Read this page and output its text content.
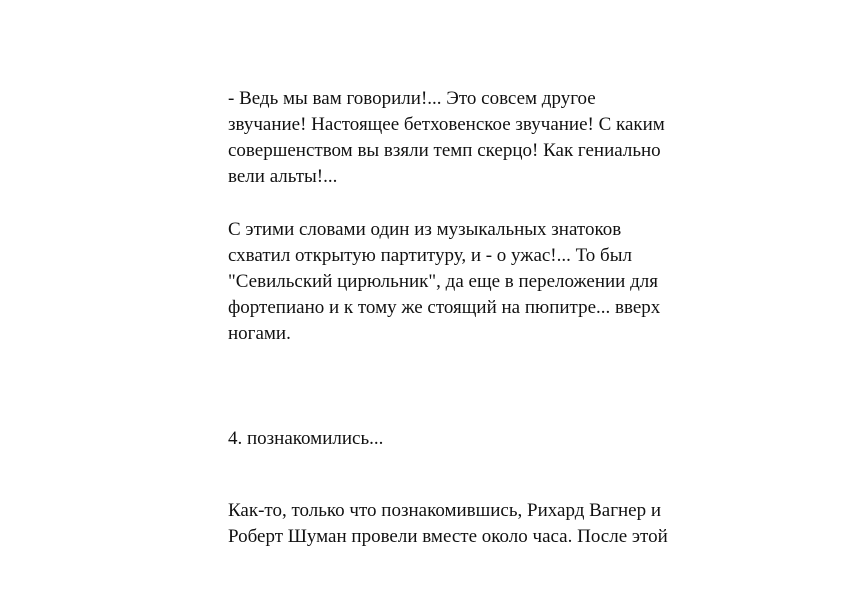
- Ведь мы вам говорили!... Это совсем другое
звучание! Настоящее бетховенское звучание! С каким
совершенством вы взяли темп скерцо! Как гениально
вели альты!...
С этими словами один из музыкальных знатоков
схватил открытую партитуру, и - о ужас!... То был
"Севильский цирюльник", да еще в переложении для
фортепиано и к тому же стоящий на пюпитре... вверх
ногами.
4. познакомились...
Как-то, только что познакомившись, Рихард Вагнер и
Роберт Шуман провели вместе около часа. После этой
